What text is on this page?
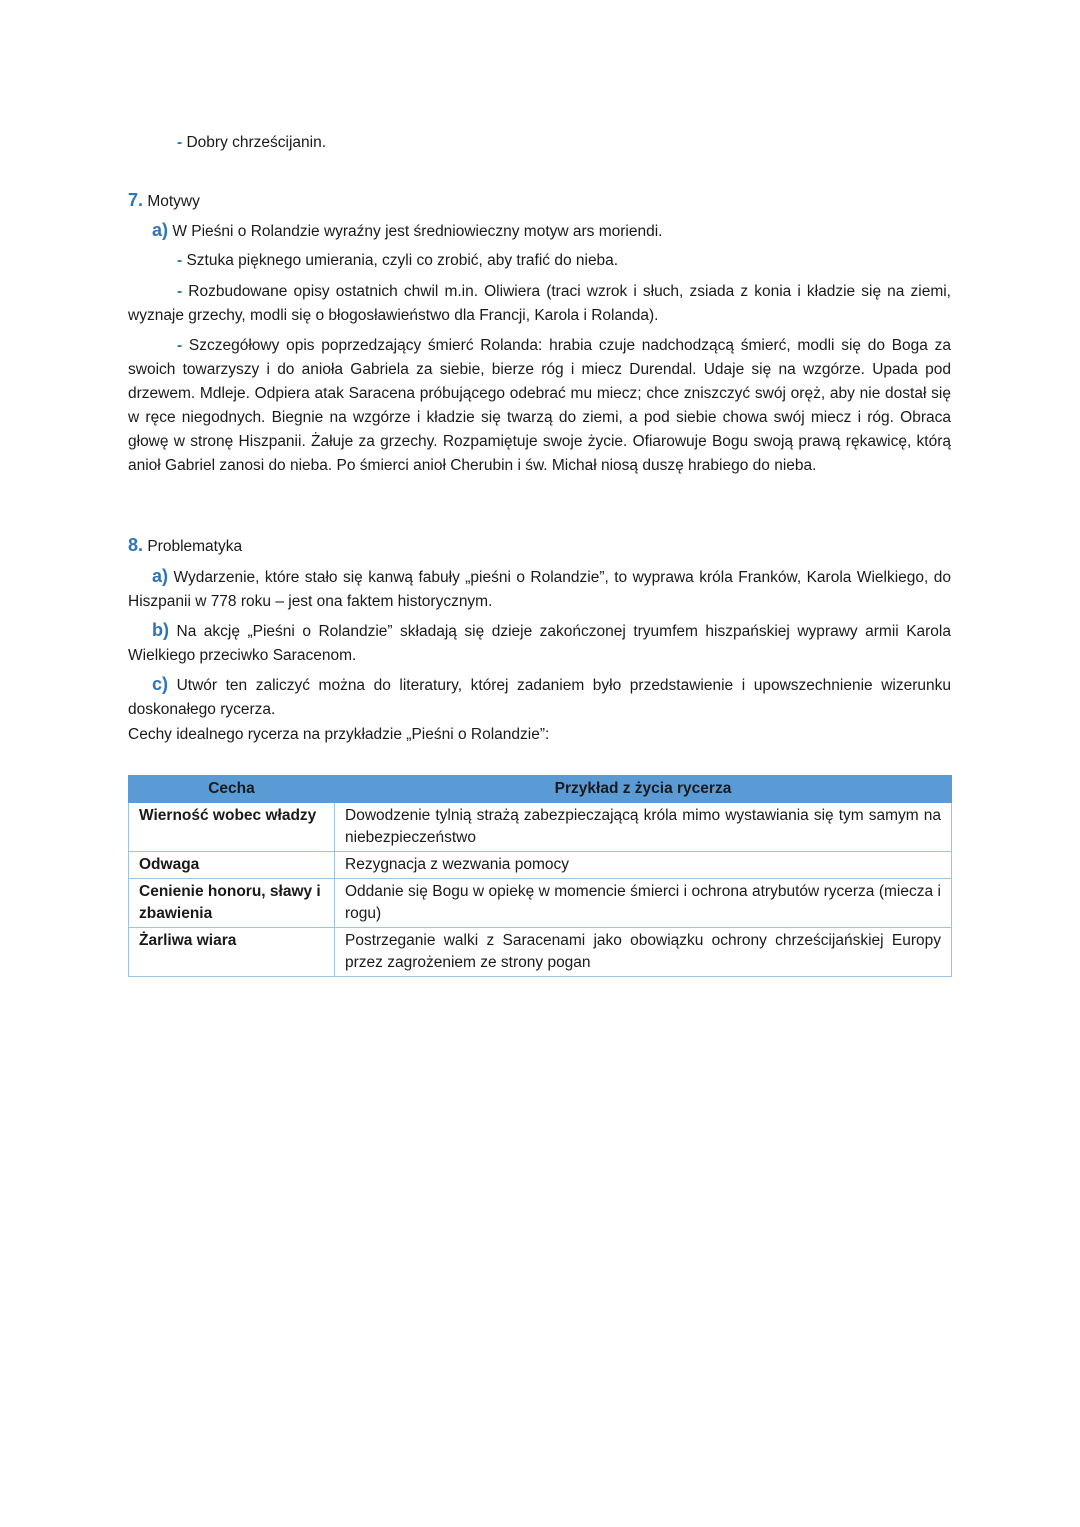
- Dobry chrześcijanin.
7. Motywy
a) W Pieśni o Rolandzie wyraźny jest średniowieczny motyw ars moriendi.
- Sztuka pięknego umierania, czyli co zrobić, aby trafić do nieba.
- Rozbudowane opisy ostatnich chwil m.in. Oliwiera (traci wzrok i słuch, zsiada z konia i kładzie się na ziemi, wyznaje grzechy, modli się o błogosławieństwo dla Francji, Karola i Rolanda).
- Szczegółowy opis poprzedzający śmierć Rolanda: hrabia czuje nadchodzącą śmierć, modli się do Boga za swoich towarzyszy i do anioła Gabriela za siebie, bierze róg i miecz Durendal. Udaje się na wzgórze. Upada pod drzewem. Mdleje. Odpiera atak Saracena próbującego odebrać mu miecz; chce zniszczyć swój oręż, aby nie dostał się w ręce niegodnych. Biegnie na wzgórze i kładzie się twarzą do ziemi, a pod siebie chowa swój miecz i róg. Obraca głowę w stronę Hiszpanii. Żałuje za grzechy. Rozpamiętuje swoje życie. Ofiarowuje Bogu swoją prawą rękawicę, którą anioł Gabriel zanosi do nieba. Po śmierci anioł Cherubin i św. Michał niosą duszę hrabiego do nieba.
8. Problematyka
a) Wydarzenie, które stało się kanwą fabuły „pieśni o Rolandzie”, to wyprawa króla Franków, Karola Wielkiego, do Hiszpanii w 778 roku – jest ona faktem historycznym.
b) Na akcję „Pieśni o Rolandzie” składają się dzieje zakończonej tryumfem hiszpańskiej wyprawy armii Karola Wielkiego przeciwko Saracenom.
c) Utwór ten zaliczyć można do literatury, której zadaniem było przedstawienie i upowszechnienie wizerunku doskonałego rycerza.
Cechy idealnego rycerza na przykładzie „Pieśni o Rolandzie”:
Cecha	Przykład z życia rycerza
Wierność wobec władzy	Dowodzenie tylnią strażą zabezpieczającą króla mimo wystawiania się tym samym na niebezpieczeństwo
Odwaga	Rezygnacja z wezwania pomocy
Cenienie honoru, sławy i zbawienia	Oddanie się Bogu w opiekę w momencie śmierci i ochrona atrybutów rycerza (miecza i rogu)
Żarliwa wiara	Postrzeganie walki z Saracenami jako obowiązku ochrony chrześcijańskiej Europy przez zagrożeniem ze strony pogan
